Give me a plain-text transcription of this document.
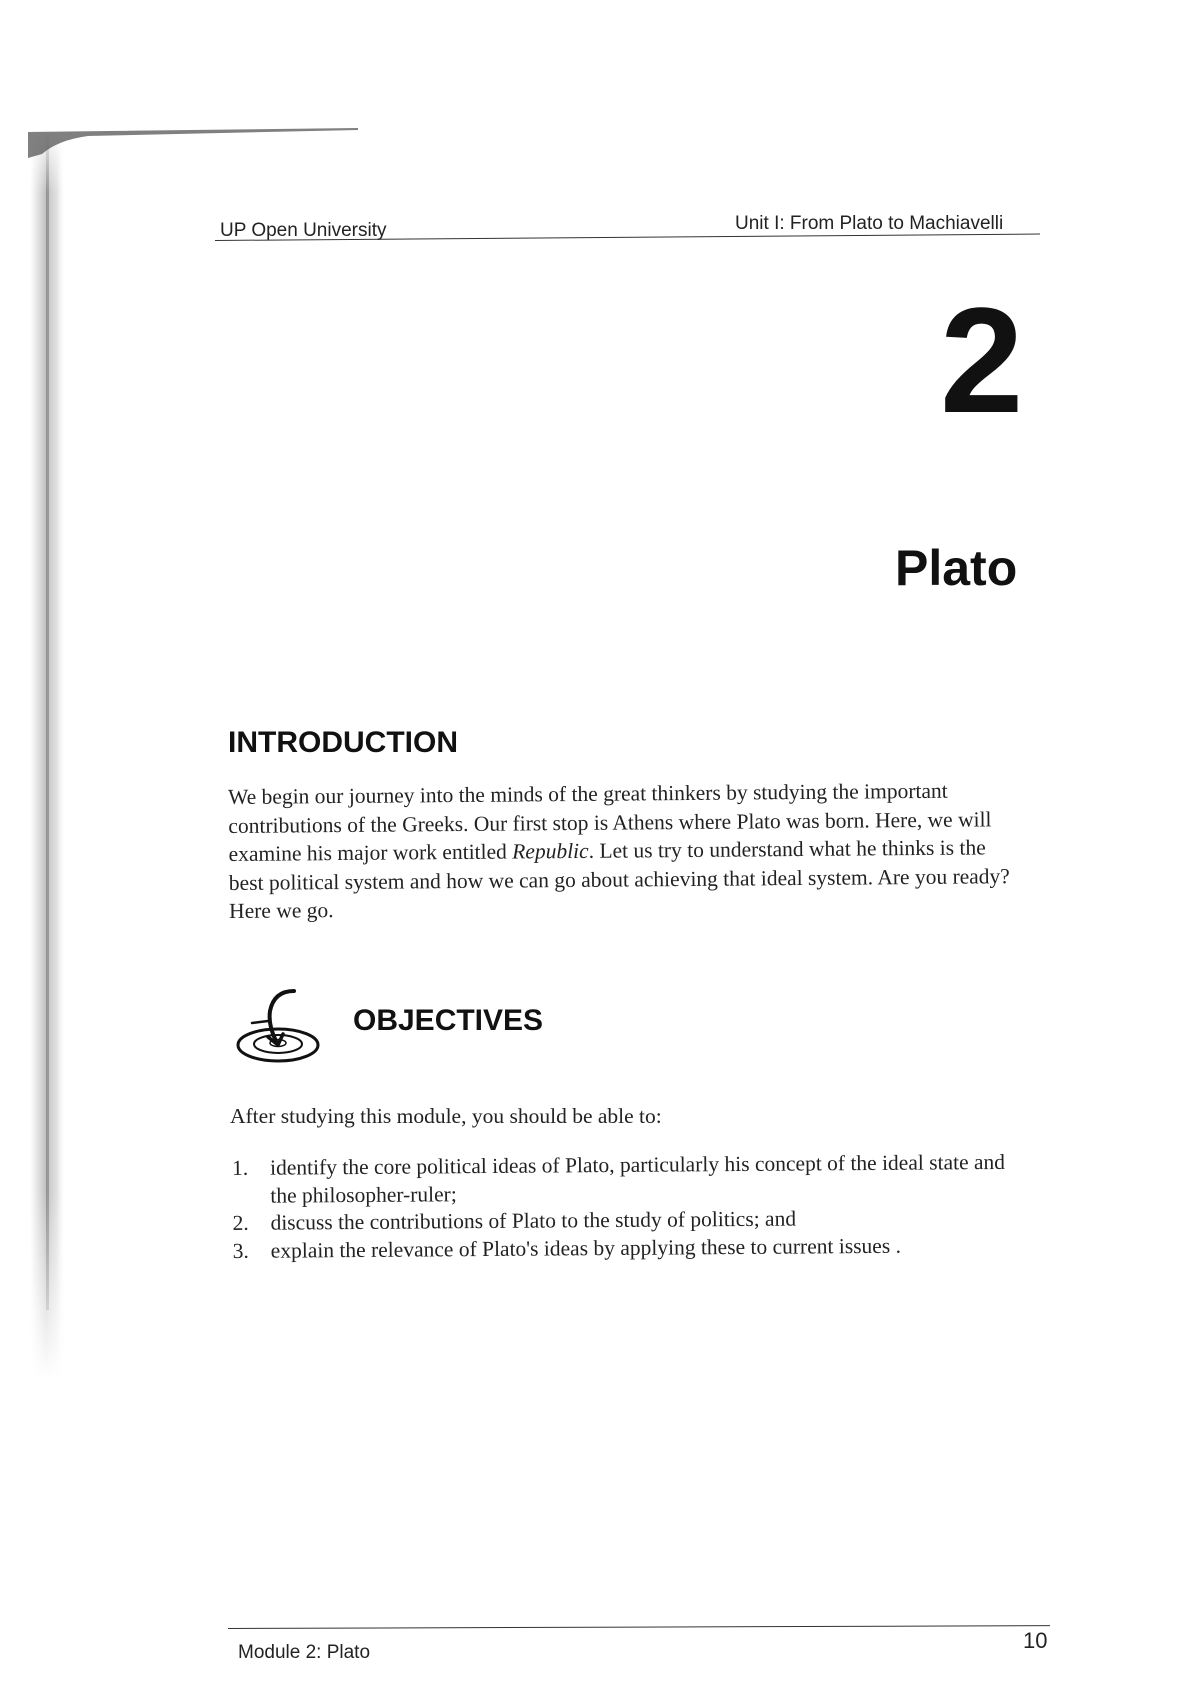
UP Open University	Unit I: From Plato to Machiavelli
2
Plato
INTRODUCTION

We begin our journey into the minds of the great thinkers by studying the important contributions of the Greeks. Our first stop is Athens where Plato was born. Here, we will examine his major work entitled Republic. Let us try to understand what he thinks is the best political system and how we can go about achieving that ideal system. Are you ready? Here we go.

OBJECTIVES
After studying this module, you should be able to:
1. identify the core political ideas of Plato, particularly his concept of the ideal state and the philosopher-ruler;
2. discuss the contributions of Plato to the study of politics; and
3. explain the relevance of Plato's ideas by applying these to current issues .
Module 2: Plato	10
